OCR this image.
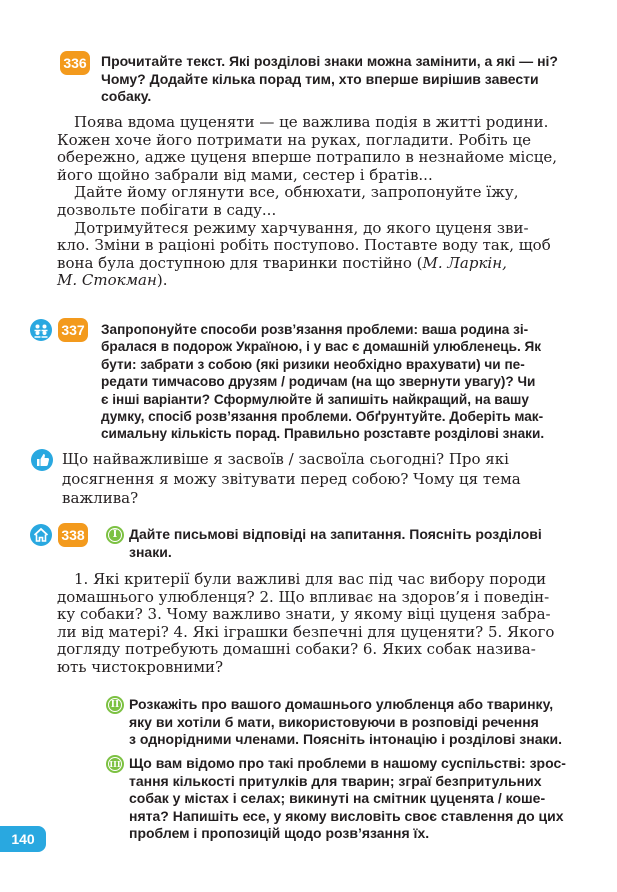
336 Прочитайте текст. Які розділові знаки можна замінити, а які — ні?

Чому? Додайте кілька порад тим, хто вперше вирішив завести

собаку.

Поява вдома цуценяти — це важлива подія в житті родини.

Кожен хоче його потримати на руках, погладити. Робіть це

обережно, адже цуценя вперше потрапило в незнайоме місце,

його щойно забрали від мами, сестер і братів...

Дайте йому оглянути все, обнюхати, запропонуйте їжу,

дозвольте побігати в саду...

Дотримуйтеся режиму харчування, до якого цуценя зви-

кло. Зміни в раціоні робіть поступово. Поставте воду так, щоб

вона була доступною для тваринки постійно (М. Ларкін,

М. Стокман).

337 Запропонуйте способи розв’язання проблеми: ваша родина зі-

бралася в подорож Україною, і у вас є домашній улюбленець. Як

бути: забрати з собою (які ризики необхідно врахувати) чи пе-

редати тимчасово друзям / родичам (на що звернути увагу)? Чи

є інші варіанти? Сформулюйте й запишіть найкращий, на вашу

думку, спосіб розв’язання проблеми. Обґрунтуйте. Доберіть мак-

симальну кількість порад. Правильно розставте розділові знаки.

Що найважливіше я засвоїв / засвоїла сьогодні? Про які
досягнення я можу звітувати перед собою? Чому ця тема
важлива?
338	I Дайте письмові відповіді на запитання. Поясніть розділові

знаки.

1. Які критерії були важливі для вас під час вибору породи

домашнього улюбленця? 2. Що впливає на здоров’я і поведін-

ку собаки? 3. Чому важливо знати, у якому віці цуценя забра-

ли від матері? 4. Які іграшки безпечні для цуценяти? 5. Якого

догляду потребують домашні собаки? 6. Яких собак назива-

ють чистокровними?

II Розкажіть про вашого домашнього улюбленця або тваринку,

яку ви хотіли б мати, використовуючи в розповіді речення

з однорідними членами. Поясніть інтонацію і розділові знаки.

III Що вам відомо про такі проблеми в нашому суспільстві: зрос-

тання кількості притулків для тварин; зграї безпритульних

собак у містах і селах; викинуті на смітник цуценята / коше-

нята? Напишіть есе, у якому висловіть своє ставлення до цих

проблем і пропозицій щодо розв’язання їх.

140
